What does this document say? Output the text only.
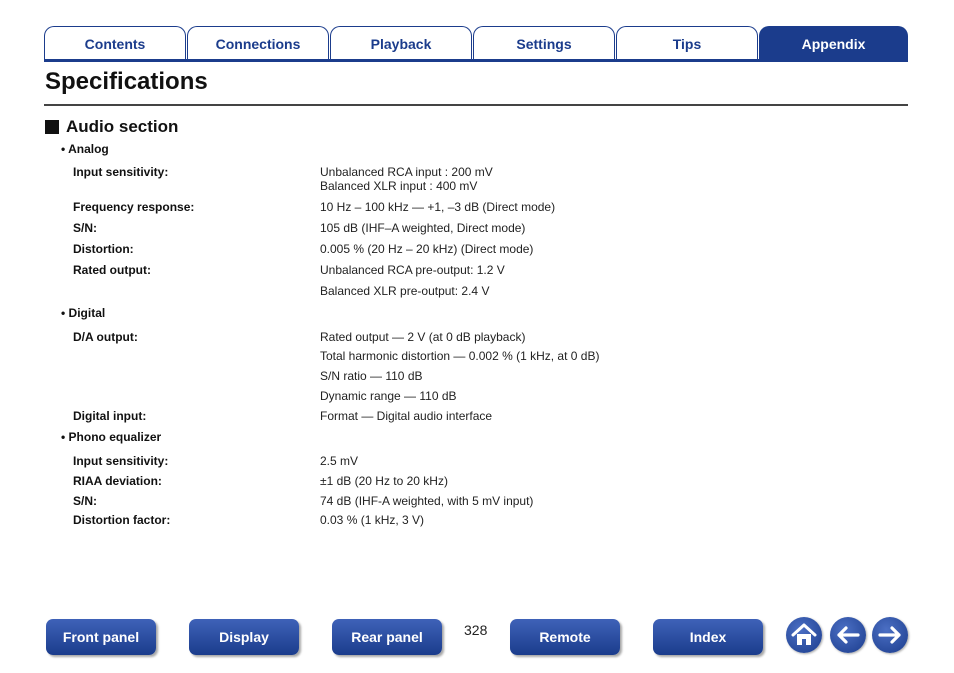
Contents	Connections	Playback	Settings	Tips	Appendix
Specifications
Audio section
• Analog
Input sensitivity:	Unbalanced RCA input : 200 mV
Balanced XLR input : 400 mV
Frequency response:	10 Hz – 100 kHz — +1, –3 dB (Direct mode)
S/N:	105 dB (IHF–A weighted, Direct mode)
Distortion:	0.005 % (20 Hz – 20 kHz) (Direct mode)
Rated output:	Unbalanced RCA pre-output: 1.2 V
Balanced XLR pre-output: 2.4 V
• Digital
D/A output:	Rated output — 2 V (at 0 dB playback)
Total harmonic distortion — 0.002 % (1 kHz, at 0 dB)
S/N ratio — 110 dB
Dynamic range — 110 dB
Digital input:	Format — Digital audio interface
• Phono equalizer
Input sensitivity:	2.5 mV
RIAA deviation:	±1 dB (20 Hz to 20 kHz)
S/N:	74 dB (IHF-A weighted, with 5 mV input)
Distortion factor:	0.03 % (1 kHz, 3 V)
Front panel	Display	Rear panel	328	Remote	Index
